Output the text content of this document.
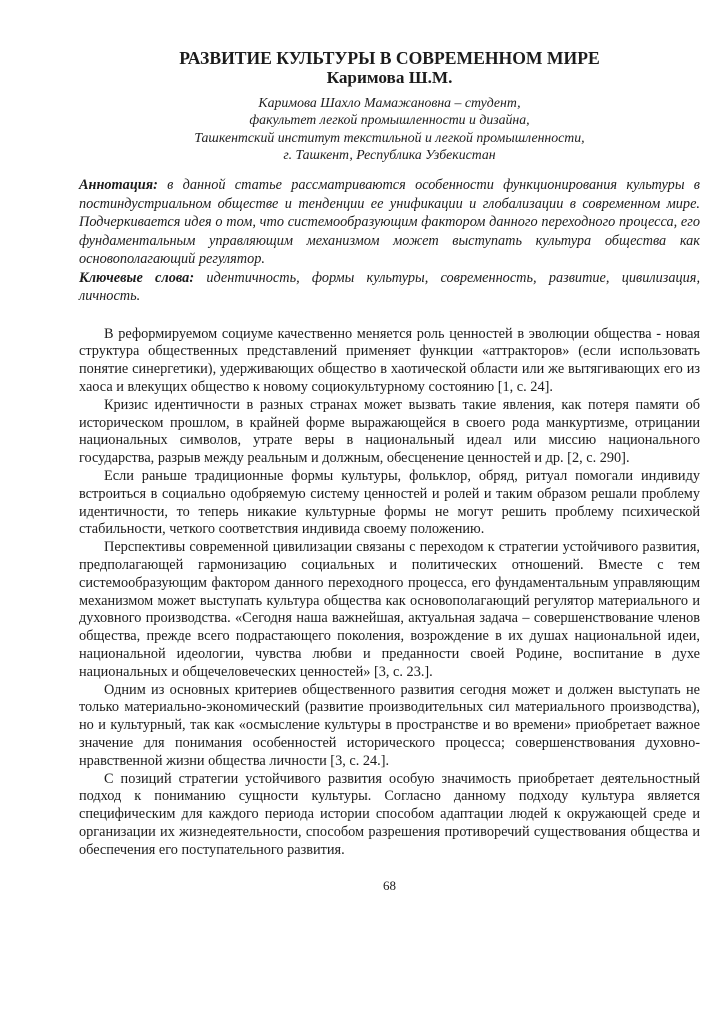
РАЗВИТИЕ КУЛЬТУРЫ В СОВРЕМЕННОМ МИРЕ
Каримова Ш.М.
Каримова Шахло Мамажановна – студент,
факультет легкой промышленности и дизайна,
Ташкентский институт текстильной и легкой промышленности,
г. Ташкент, Республика Узбекистан

Аннотация: в данной статье рассматриваются особенности функционирования культуры в постиндустриальном обществе и тенденции ее унификации и глобализации в современном мире. Подчеркивается идея о том, что системообразующим фактором данного переходного процесса, его фундаментальным управляющим механизмом может выступать культура общества как основополагающий регулятор.

Ключевые слова: идентичность, формы культуры, современность, развитие, цивилизация, личность.

В реформируемом социуме качественно меняется роль ценностей в эволюции общества - новая структура общественных представлений применяет функции «аттракторов» (если использовать понятие синергетики), удерживающих общество в хаотической области или же вытягивающих его из хаоса и влекущих общество к новому социокультурному состоянию [1, с. 24].

Кризис идентичности в разных странах может вызвать такие явления, как потеря памяти об историческом прошлом, в крайней форме выражающейся в своего рода манкуртизме, отрицании национальных символов, утрате веры в национальный идеал или миссию национального государства, разрыв между реальным и должным, обесценение ценностей и др. [2, с. 290].

Если раньше традиционные формы культуры, фольклор, обряд, ритуал помогали индивиду встроиться в социально одобряемую систему ценностей и ролей и таким образом решали проблему идентичности, то теперь никакие культурные формы не могут решить проблему психической стабильности, четкого соответствия индивида своему положению.

Перспективы современной цивилизации связаны с переходом к стратегии устойчивого развития, предполагающей гармонизацию социальных и политических отношений. Вместе с тем системообразующим фактором данного переходного процесса, его фундаментальным управляющим механизмом может выступать культура общества как основополагающий регулятор материального и духовного производства. «Сегодня наша важнейшая, актуальная задача – совершенствование членов общества, прежде всего подрастающего поколения, возрождение в их душах национальной идеи, национальной идеологии, чувства любви и преданности своей Родине, воспитание в духе национальных и общечеловеческих ценностей» [3, с. 23.].

Одним из основных критериев общественного развития сегодня может и должен выступать не только материально-экономический (развитие производительных сил материального производства), но и культурный, так как «осмысление культуры в пространстве и во времени» приобретает важное значение для понимания особенностей исторического процесса; совершенствования духовно-нравственной жизни общества личности [3, с. 24.].

С позиций стратегии устойчивого развития особую значимость приобретает деятельностный подход к пониманию сущности культуры. Согласно данному подходу культура является специфическим для каждого периода истории способом адаптации людей к окружающей среде и организации их жизнедеятельности, способом разрешения противоречий существования общества и обеспечения его поступательного развития.

68
